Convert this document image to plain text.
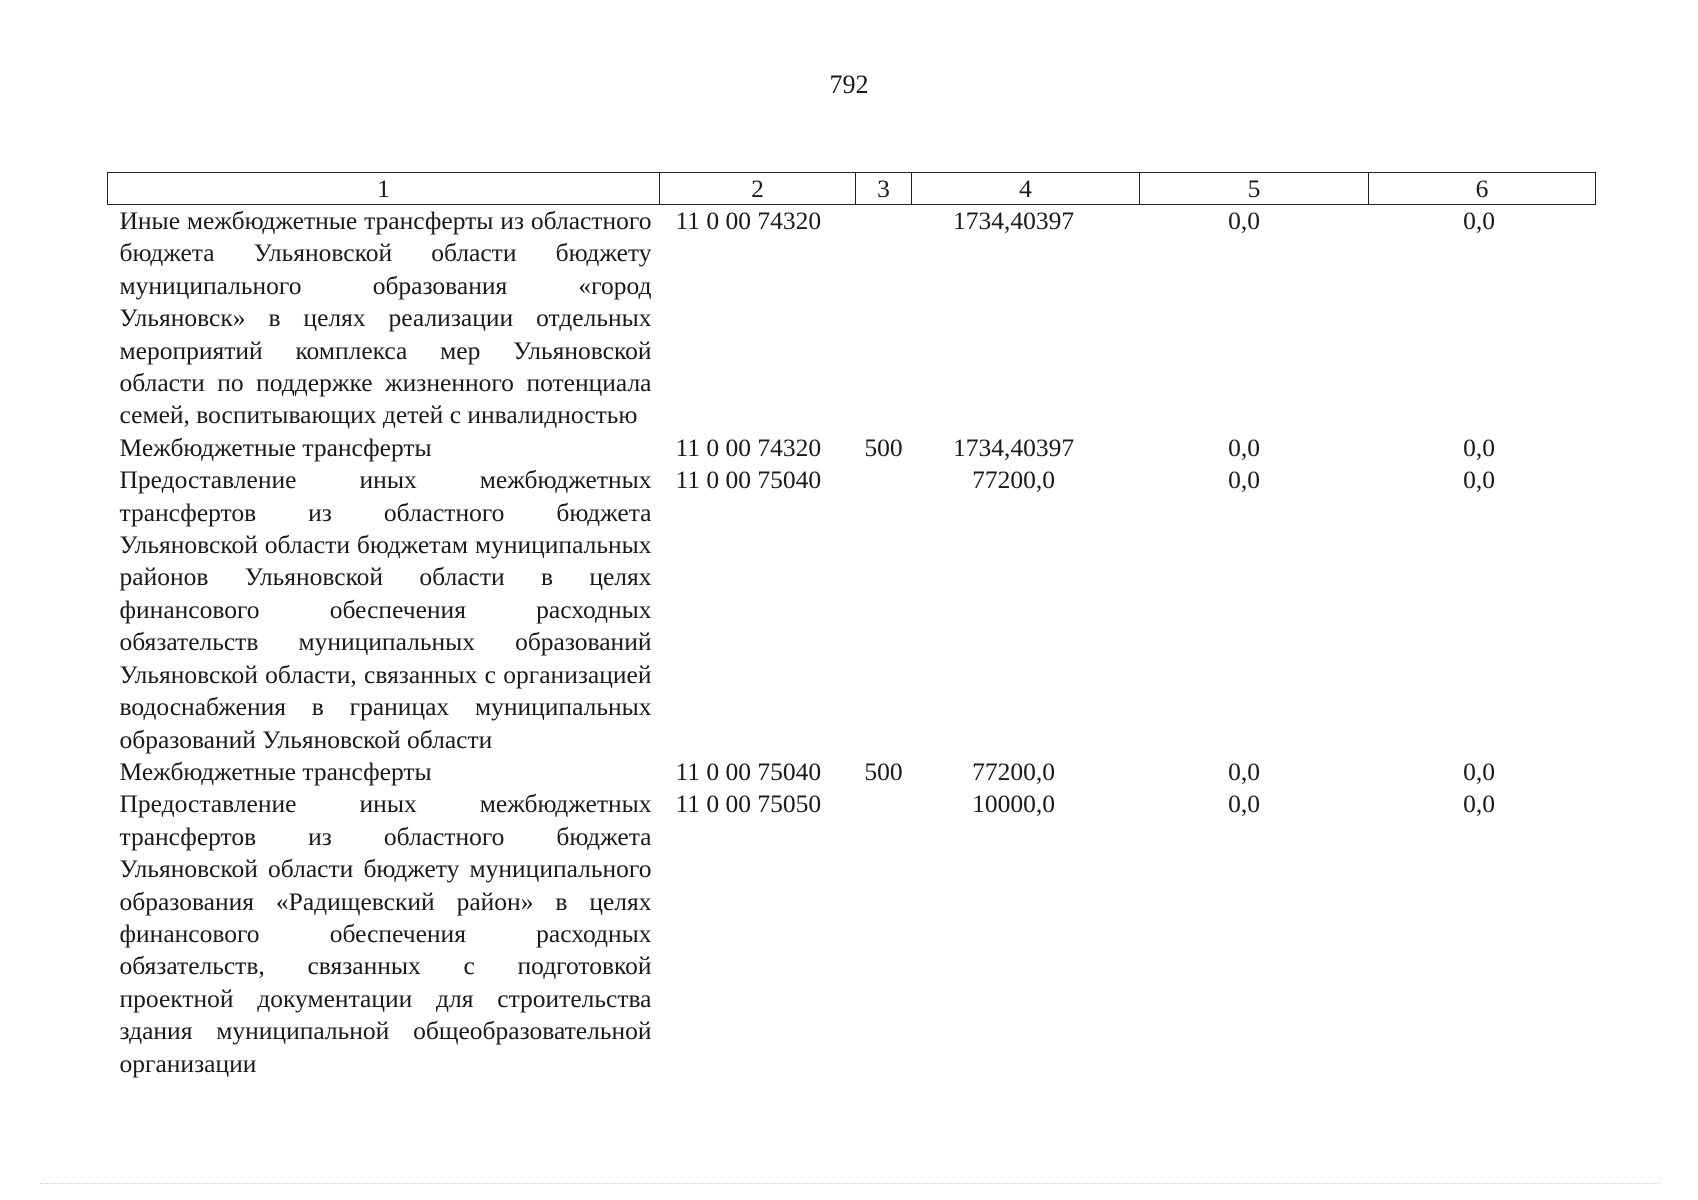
792
1	2	3	4	5	6
Иные межбюджетные трансферты из областного бюджета Ульяновской области бюджету муниципального образования «город Ульяновск» в целях реализации отдельных мероприятий комплекса мер Ульяновской области по поддержке жизненного потенциала семей, воспитывающих детей с инвалидностью	11 0 00 74320		1734,40397	0,0	0,0
Межбюджетные трансферты	11 0 00 74320	500	1734,40397	0,0	0,0
Предоставление иных межбюджетных трансфертов из областного бюджета Ульяновской области бюджетам муниципальных районов Ульяновской области в целях финансового обеспечения расходных обязательств муниципальных образований Ульяновской области, связанных с организацией водоснабжения в границах муниципальных образований Ульяновской области	11 0 00 75040		77200,0	0,0	0,0
Межбюджетные трансферты	11 0 00 75040	500	77200,0	0,0	0,0
Предоставление иных межбюджетных трансфертов из областного бюджета Ульяновской области бюджету муниципального образования «Радищевский район» в целях финансового обеспечения расходных обязательств, связанных с подготовкой проектной документации для строительства здания муниципальной общеобразовательной организации	11 0 00 75050		10000,0	0,0	0,0
